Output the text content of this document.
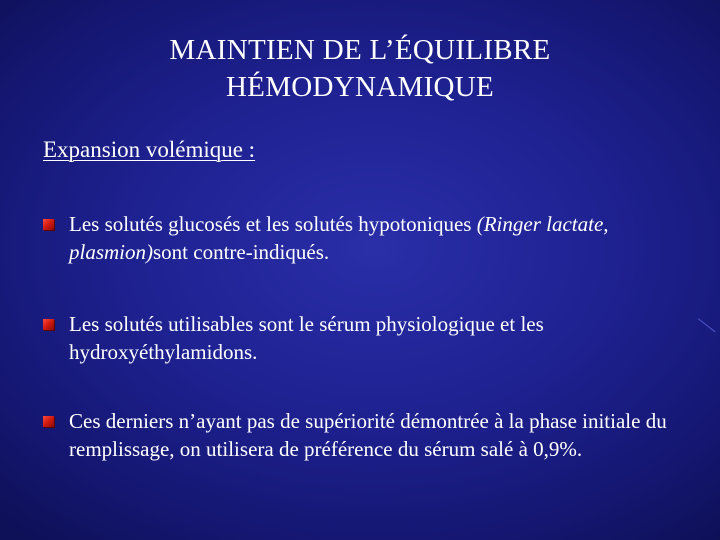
MAINTIEN DE L’ÉQUILIBRE
HÉMODYNAMIQUE
Expansion volémique :
Les solutés glucosés et les solutés hypotoniques (Ringer lactate, plasmion)sont contre-indiqués.
Les solutés utilisables sont le sérum physiologique et les hydroxyéthylamidons.
Ces derniers n’ayant pas de supériorité démontrée à la phase initiale du remplissage, on utilisera de préférence du sérum salé à 0,9%.
